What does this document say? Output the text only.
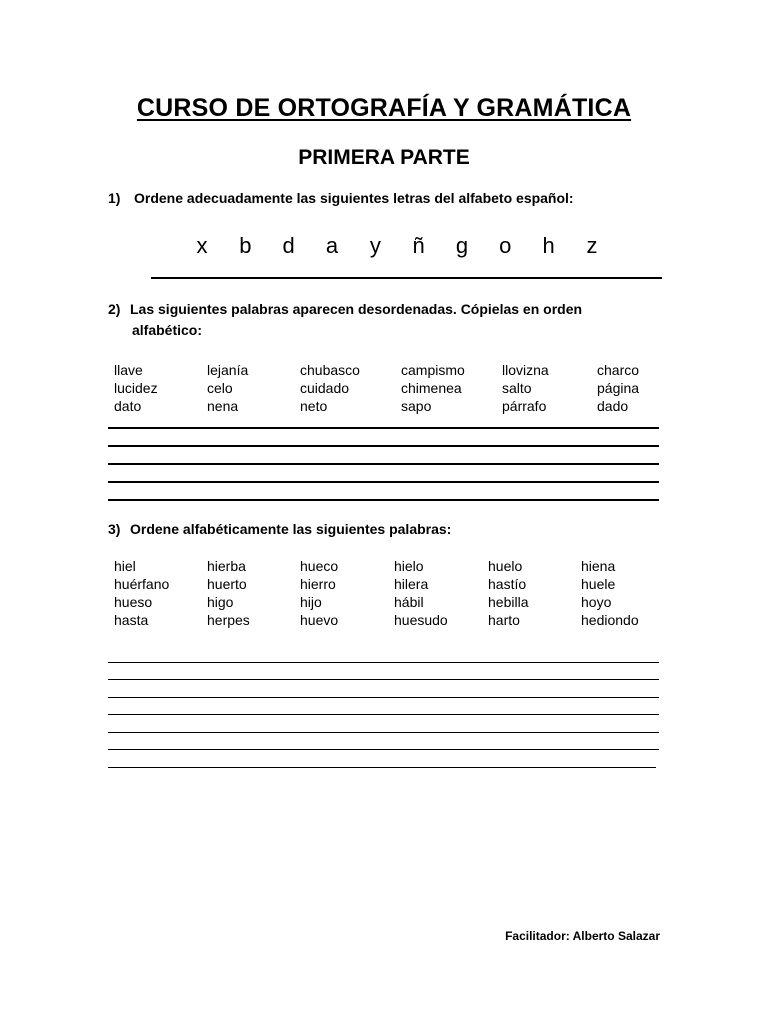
CURSO DE ORTOGRAFÍA Y GRAMÁTICA
PRIMERA PARTE
1) Ordene adecuadamente las siguientes letras del alfabeto español:
x b d a y ñ g o h z
2) Las siguientes palabras aparecen desordenadas. Cópielas en orden
alfabético:
llave	lejanía	chubasco	campismo	llovizna	charco
lucidez	celo	cuidado	chimenea	salto	página
dato	nena	neto	sapo	párrafo	dado
3) Ordene alfabéticamente las siguientes palabras:
hiel	hierba	hueco	hielo	huelo	hiena
huérfano	huerto	hierro	hilera	hastío	huele
hueso	higo	hijo	hábil	hebilla	hoyo
hasta	herpes	huevo	huesudo	harto	hediondo
Facilitador: Alberto Salazar
